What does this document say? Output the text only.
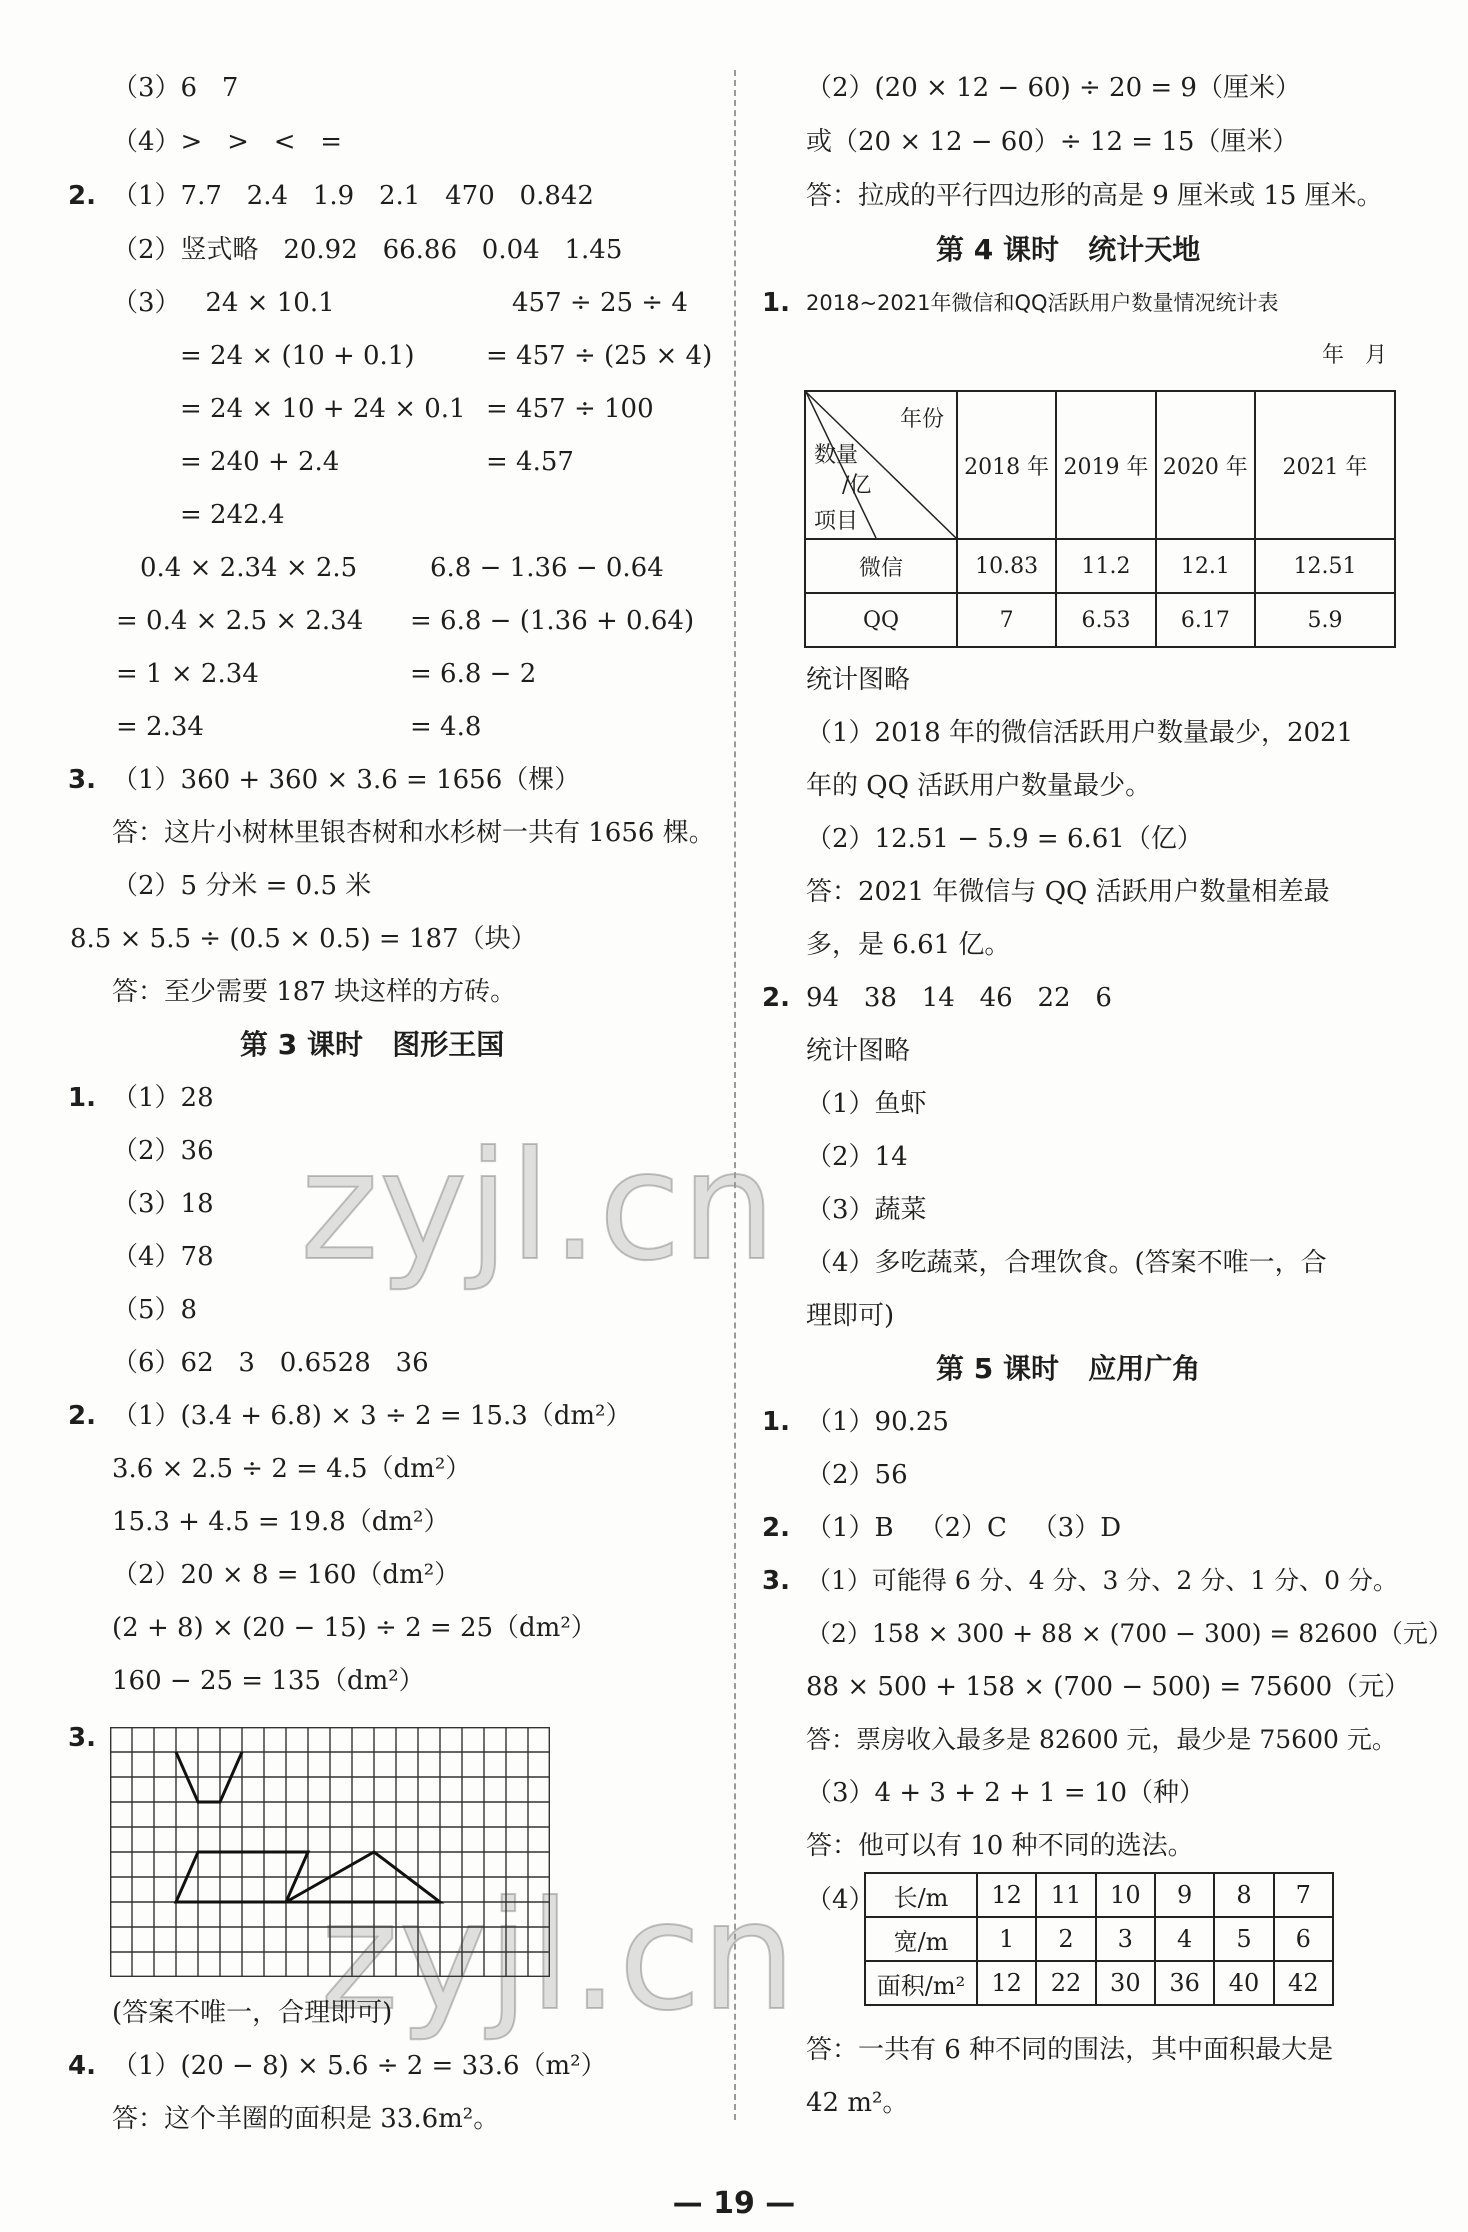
zyjl.cn
zyjl.cn
（3）6   7
（4）>   >   <   =
2. （1）7.7   2.4   1.9   2.1   470   0.842
（2）竖式略   20.92   66.86   0.04   1.45
（3）   24 × 10.1	457 ÷ 25 ÷ 4
= 24 × (10 + 0.1)	= 457 ÷ (25 × 4)
= 24 × 10 + 24 × 0.1 = 457 ÷ 100
= 240 + 2.4	= 4.57
= 242.4
0.4 × 2.34 × 2.5	6.8 − 1.36 − 0.64
= 0.4 × 2.5 × 2.34 = 6.8 − (1.36 + 0.64)
= 1 × 2.34	= 6.8 − 2
= 2.34	= 4.8
3. （1）360 + 360 × 3.6 = 1656（棵）
答：这片小树林里银杏树和水杉树一共有 1656 棵。
（2）5 分米 = 0.5 米
8.5 × 5.5 ÷ (0.5 × 0.5) = 187（块）
答：至少需要 187 块这样的方砖。
第 3 课时   图形王国
1. （1）28
（2）36
（3）18
（4）78
（5）8
（6）62   3   0.6528   36
2. （1）(3.4 + 6.8) × 3 ÷ 2 = 15.3（dm²）
3.6 × 2.5 ÷ 2 = 4.5（dm²）
15.3 + 4.5 = 19.8（dm²）
（2）20 × 8 = 160（dm²）
(2 + 8) × (20 − 15) ÷ 2 = 25（dm²）
160 − 25 = 135（dm²）
3.
(答案不唯一，合理即可)
4. （1）(20 − 8) × 5.6 ÷ 2 = 33.6（m²）
答：这个羊圈的面积是 33.6m²。
（2）(20 × 12 − 60) ÷ 20 = 9（厘米）
或（20 × 12 − 60）÷ 12 = 15（厘米）
答：拉成的平行四边形的高是 9 厘米或 15 厘米。
第 4 课时   统计天地
1. 2018~2021年微信和QQ活跃用户数量情况统计表
年   月
年份
数量
/亿
项目	2018 年	2019 年	2020 年	2021 年
微信	10.83	11.2	12.1	12.51
QQ	7	6.53	6.17	5.9
统计图略
（1）2018 年的微信活跃用户数量最少，2021
年的 QQ 活跃用户数量最少。
（2）12.51 − 5.9 = 6.61（亿）
答：2021 年微信与 QQ 活跃用户数量相差最
多，是 6.61 亿。
2. 94   38   14   46   22   6
统计图略
（1）鱼虾
（2）14
（3）蔬菜
（4）多吃蔬菜，合理饮食。(答案不唯一，合
理即可)
第 5 课时   应用广角
1. （1）90.25
（2）56
2. （1）B   （2）C   （3）D
3. （1）可能得 6 分、4 分、3 分、2 分、1 分、0 分。
（2）158 × 300 + 88 × (700 − 300) = 82600（元）
88 × 500 + 158 × (700 − 500) = 75600（元）
答：票房收入最多是 82600 元，最少是 75600 元。
（3）4 + 3 + 2 + 1 = 10（种）
答：他可以有 10 种不同的选法。
（4） 长/m	12	11	10	9	8	7
宽/m	1	2	3	4	5	6
面积/m²	12	22	30	36	40	42
答：一共有 6 种不同的围法，其中面积最大是
42 m²。
— 19 —
